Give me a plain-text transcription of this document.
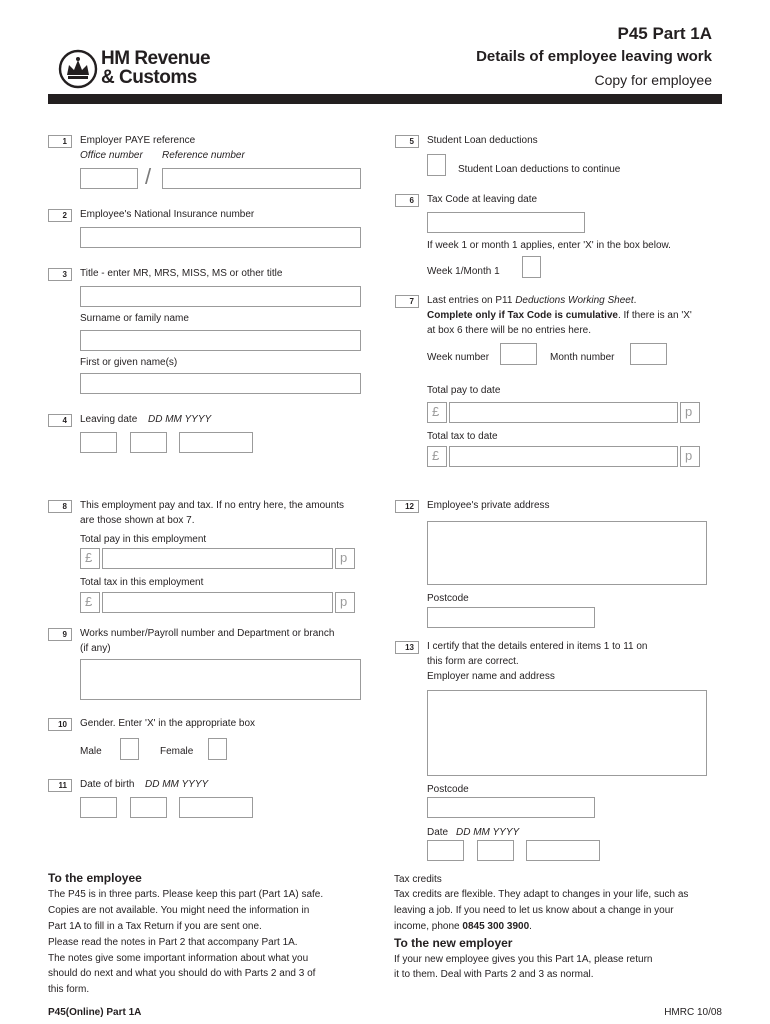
HM Revenue
& Customs
P45 Part 1A
Details of employee leaving work
Copy for employee
1	Employer PAYE reference
Office number Reference number
/
2	Employee's National Insurance number
3	Title - enter MR, MRS, MISS, MS or other title
Surname or family name
First or given name(s)
4	Leaving date DD MM YYYY
8	This employment pay and tax. If no entry here, the amounts
are those shown at box 7.
Total pay in this employment
£	p
Total tax in this employment
£	p
9	Works number/Payroll number and Department or branch
(if any)
10	Gender. Enter 'X' in the appropriate box
Male	Female
11	Date of birth DD MM YYYY
5	Student Loan deductions
Student Loan deductions to continue
6	Tax Code at leaving date
If week 1 or month 1 applies, enter 'X' in the box below.
Week 1/Month 1
7	Last entries on P11 Deductions Working Sheet.
Complete only if Tax Code is cumulative. If there is an 'X'
at box 6 there will be no entries here.
Week number	Month number
Total pay to date
£	p
Total tax to date
£	p
12	Employee's private address
Postcode
13	I certify that the details entered in items 1 to 11 on
this form are correct.
Employer name and address
Postcode
Date DD MM YYYY
To the employee
The P45 is in three parts. Please keep this part (Part 1A) safe.
Copies are not available. You might need the information in
Part 1A to fill in a Tax Return if you are sent one.
Please read the notes in Part 2 that accompany Part 1A.
The notes give some important information about what you
should do next and what you should do with Parts 2 and 3 of
this form.
Tax credits
Tax credits are flexible. They adapt to changes in your life, such as
leaving a job. If you need to let us know about a change in your
income, phone 0845 300 3900.
To the new employer
If your new employee gives you this Part 1A, please return
it to them. Deal with Parts 2 and 3 as normal.
P45(Online) Part 1A	HMRC 10/08
